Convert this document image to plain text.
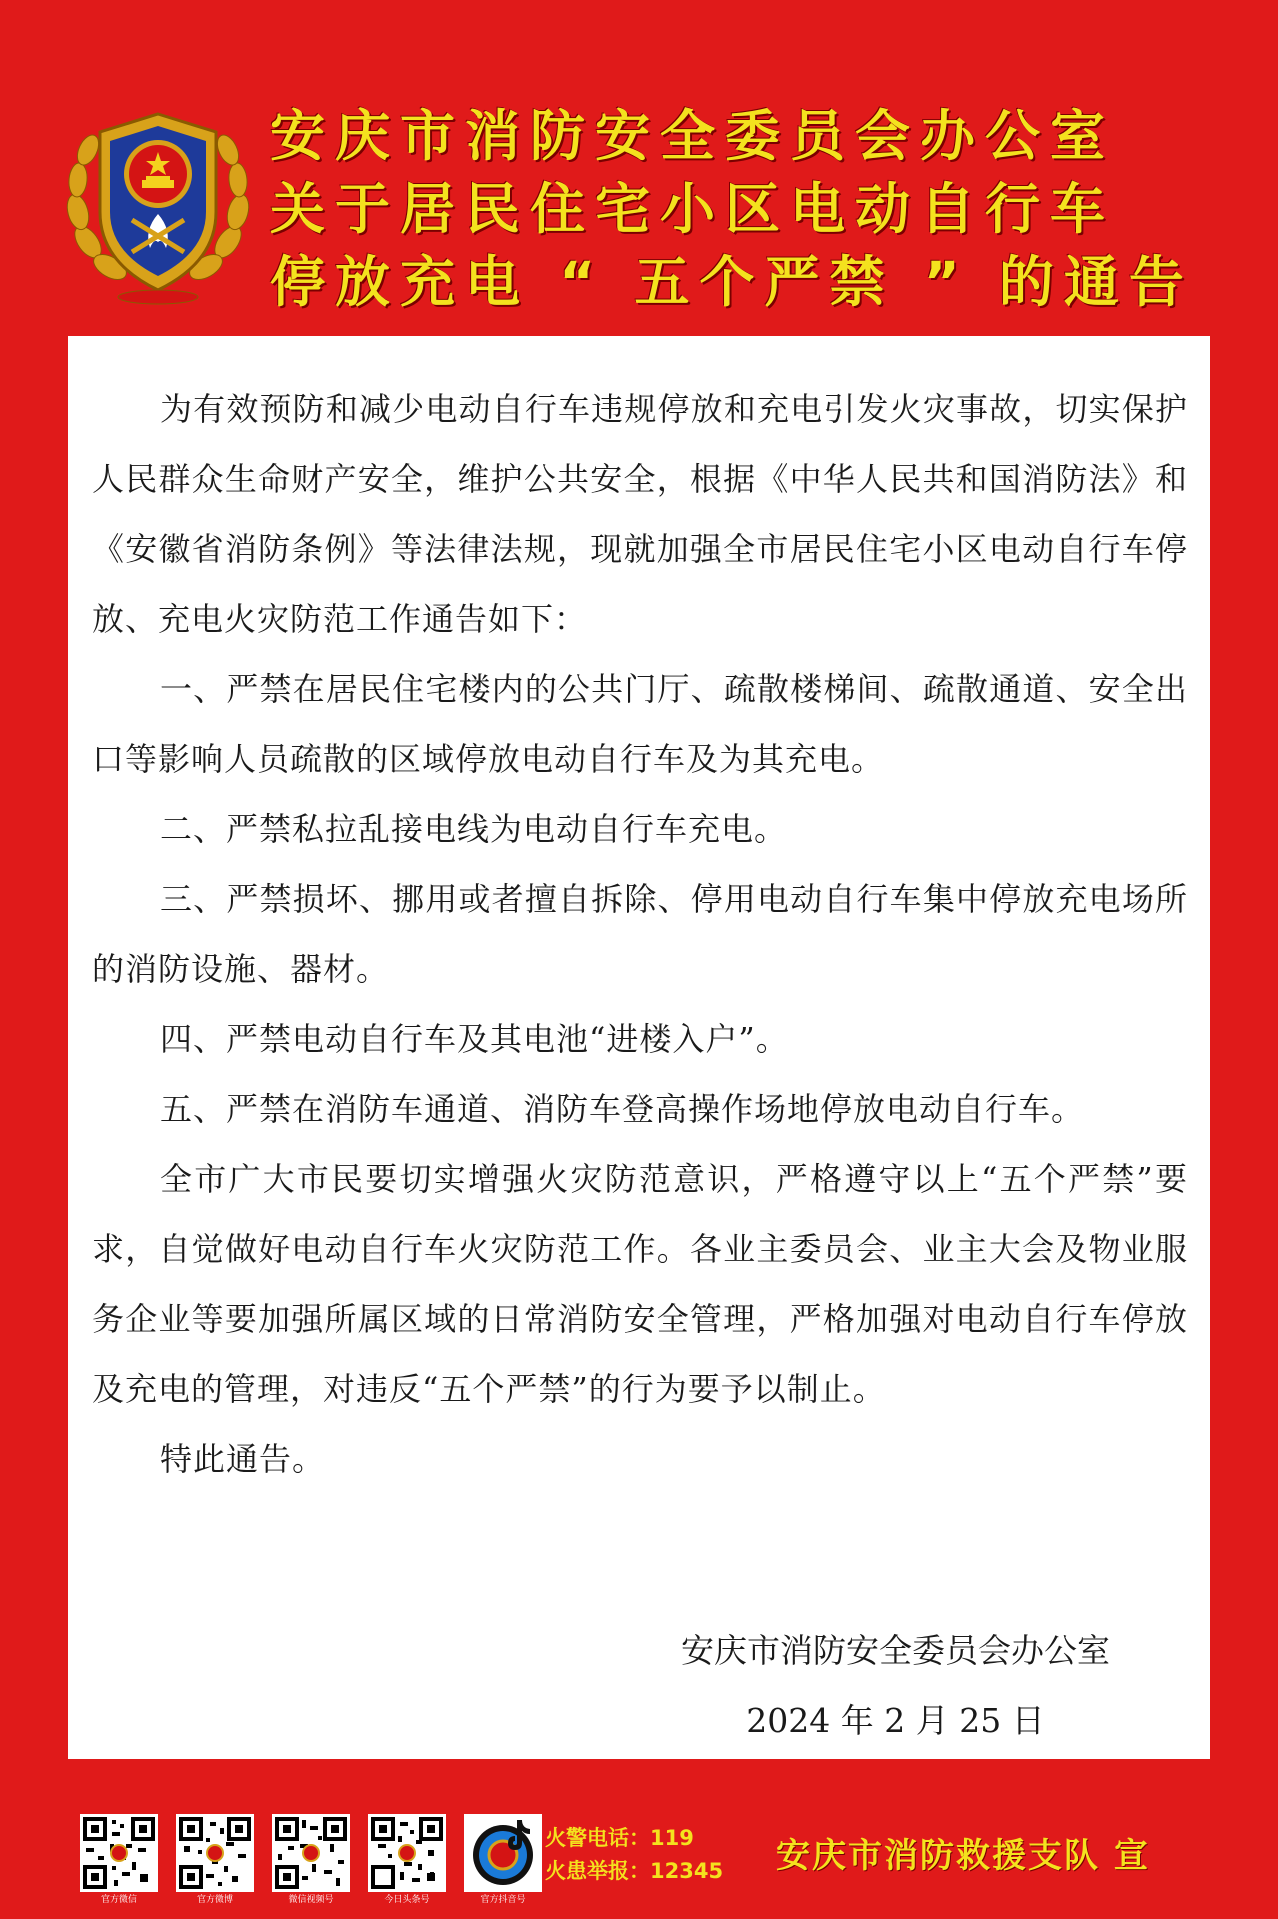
安庆市消防安全委员会办公室
关于居民住宅小区电动自行车
停放充电 “ 五个严禁 ” 的通告

为有效预防和减少电动自行车违规停放和充电引发火灾事故，切实保护人民群众生命财产安全，维护公共安全，根据《中华人民共和国消防法》和《安徽省消防条例》等法律法规，现就加强全市居民住宅小区电动自行车停放、充电火灾防范工作通告如下：

一、严禁在居民住宅楼内的公共门厅、疏散楼梯间、疏散通道、安全出口等影响人员疏散的区域停放电动自行车及为其充电。

二、严禁私拉乱接电线为电动自行车充电。

三、严禁损坏、挪用或者擅自拆除、停用电动自行车集中停放充电场所的消防设施、器材。

四、严禁电动自行车及其电池“进楼入户”。

五、严禁在消防车通道、消防车登高操作场地停放电动自行车。

全市广大市民要切实增强火灾防范意识，严格遵守以上“五个严禁”要求，自觉做好电动自行车火灾防范工作。各业主委员会、业主大会及物业服务企业等要加强所属区域的日常消防安全管理，严格加强对电动自行车停放及充电的管理，对违反“五个严禁”的行为要予以制止。

特此通告。

安庆市消防安全委员会办公室
2024 年 2 月 25 日
官方微信	官方微博	微信视频号	今日头条号	官方抖音号
火警电话：119
火患举报：12345 安庆市消防救援支队 宣
